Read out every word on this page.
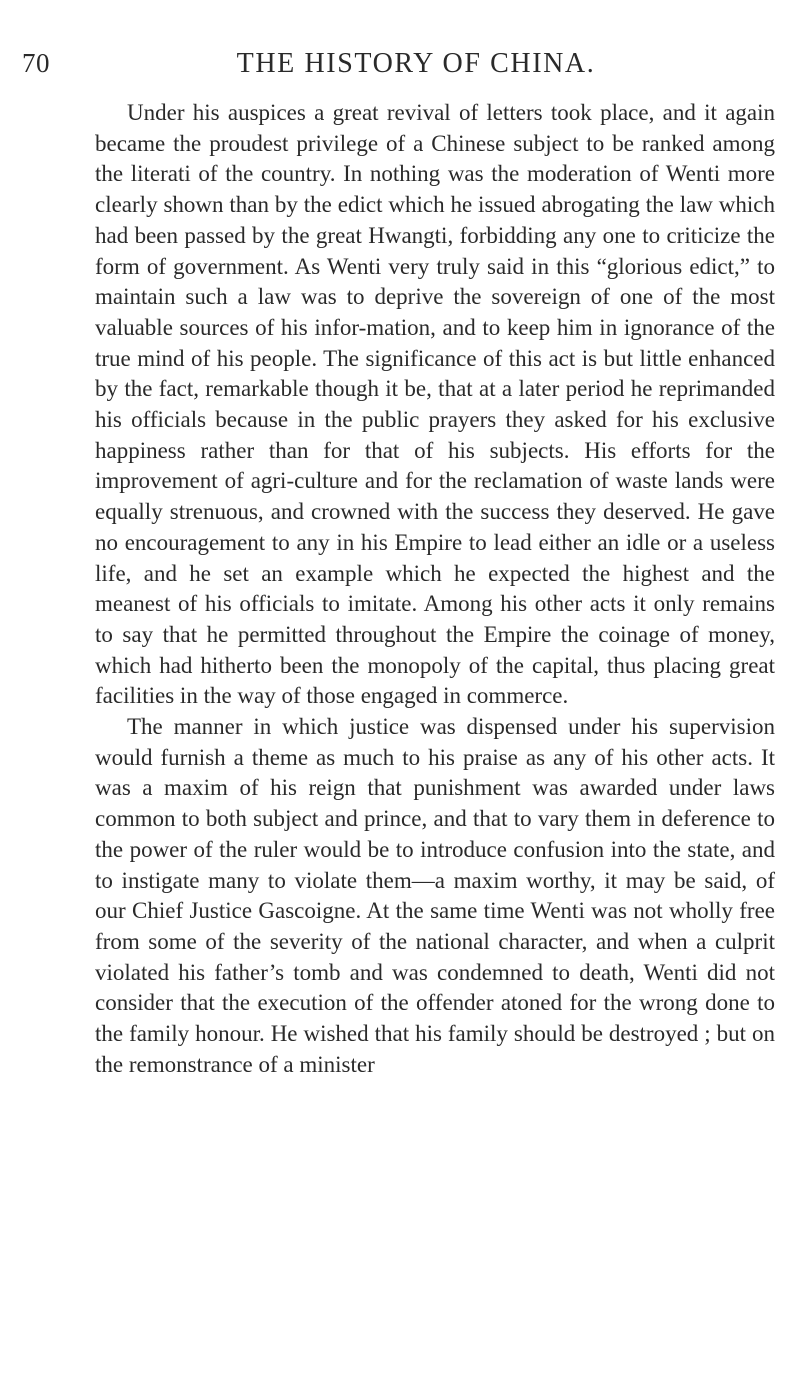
70	THE HISTORY OF CHINA.

Under his auspices a great revival of letters took place, and it again became the proudest privilege of a Chinese subject to be ranked among the literati of the country. In nothing was the moderation of Wenti more clearly shown than by the edict which he issued abrogating the law which had been passed by the great Hwangti, forbidding any one to criticize the form of government. As Wenti very truly said in this “glorious edict,” to maintain such a law was to deprive the sovereign of one of the most valuable sources of his infor-mation, and to keep him in ignorance of the true mind of his people. The significance of this act is but little enhanced by the fact, remarkable though it be, that at a later period he reprimanded his officials because in the public prayers they asked for his exclusive happiness rather than for that of his subjects. His efforts for the improvement of agri-culture and for the reclamation of waste lands were equally strenuous, and crowned with the success they deserved. He gave no encouragement to any in his Empire to lead either an idle or a useless life, and he set an example which he expected the highest and the meanest of his officials to imitate. Among his other acts it only remains to say that he permitted throughout the Empire the coinage of money, which had hitherto been the monopoly of the capital, thus placing great facilities in the way of those engaged in commerce.

The manner in which justice was dispensed under his supervision would furnish a theme as much to his praise as any of his other acts. It was a maxim of his reign that punishment was awarded under laws common to both subject and prince, and that to vary them in deference to the power of the ruler would be to introduce confusion into the state, and to instigate many to violate them—a maxim worthy, it may be said, of our Chief Justice Gascoigne. At the same time Wenti was not wholly free from some of the severity of the national character, and when a culprit violated his father’s tomb and was condemned to death, Wenti did not consider that the execution of the offender atoned for the wrong done to the family honour. He wished that his family should be destroyed ; but on the remonstrance of a minister
